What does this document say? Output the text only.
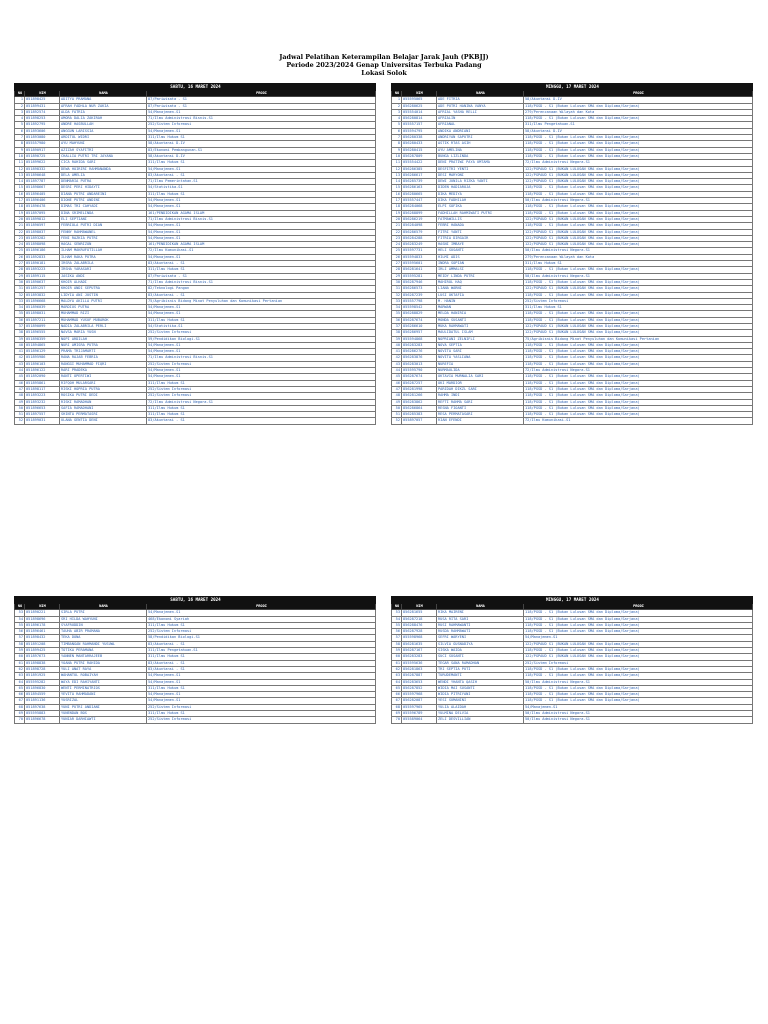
Jadwal Pelatihan Keterampilan Belajar Jarak Jauh (PKBJJ)
Periode 2023/2024 Genap Universitas Terbuka Padang
Lokasi Solok
SABTU, 16 MARET 2024			
NO	NIM	NAMA	PRODI
1	051898425	ADITYA PRAMANA	87/Pariwisata - S1
2	051899431	AFRAH FADHLA NUR ZAKIA	87/Pariwisata - S1
3	051892574	ALDA FATRIA	54/Manajemen-S1
4	051898253	AMORA DALIA ZAKIRAH	71/Ilmu Administrasi Bisnis-S1
5	051892795	ANDRE HASBULLAH	252/Sistem Informasi
6	051893606	ANGGUN LARISSIA	54/Manajemen-S1
7	051893080	ARDITUL WIDRI	311/Ilmu Hukum S1
8	055557980	AYU MAHYUNI	58/Akuntansi D-IV
9	051890917	AZIZAH SYAFITRI	83/Ekonomi Pembangunan-S1
10	051890725	CHALLIA PUTRI TRI JAYANA	58/Akuntansi D-IV
11	051899622	CICA RAHIDA SARI	311/Ilmu Hukum S1
12	051898332	DEWA HOIRIRI RAHMANANDA	54/Manajemen-S1
13	051890648	DELA AMELIA	83/Akuntansi - S1
14	051897787	DENMARIA PUTRA	71/Ilmu Pemerintahan-S1
15	051898667	DESRI PERI HIDAYTI	54/Statistika-S1
16	051896405	DIANA PUTRI ANDAREINI	311/Ilmu Hukum S1
17	051896406	DIONE PUTRI ANDINI	54/Manajemen-S1
18	051896478	DIMAS TRI CAHYADI	54/Manajemen-S1
19	051897095	DINA SRIMELINDA	161/PENDIDIKAN AGAMA ISLAM
20	051899812	ELI SEPTIANI	71/Ilmu Administrasi Bisnis-S1
21	051890597	FEBRIOLA PUTRI DIAN	54/Manajemen-S1
22	051898037	FENNY RAHMAWANEL	54/Manajemen-S1
23	051893282	FENI RAZKIA PUTRI	54/Manajemen-S1
24	051898098	HAGAL SENRIZON	161/PENDIDIKAN AGAMA ISLAM
25	051896186	ILHAM MAKRUFOTILLAH	72/Ilmu Komunikasi-S1
26	051892833	ILHAM RAKA PUTRA	54/Manajemen-S1
27	051890181	IRSRA ZALABRILA	83/Akuntansi - S1
28	051893223	IRSHA YARASARI	311/Ilmu Hukum S1
29	051899115	JASIKA ANDI	87/Pariwisata - S1
30	051890637	KHOIR ALHADI	71/Ilmu Administrasi Bisnis-S1
31	051891257	KHOIR ANDI SEPUTRA	82/Teknologi Pangan
32	051893832	LIDYIA ANI JUSTIN	83/Akuntansi - S1
33	051896668	MALDYA AKILLA PUTRI	75/Agribisnis Bidang Minat Penyuluhan dan Komunikasi Pertanian
34	051896039	MARDIUS PUTRA	54/Manajemen-S1
35	051898031	MUHAMMAD RIZI	54/Manajemen-S1
36	051897211	MUHAMMAD YUSUF MUBAROK	311/Ilmu Hukum S1
37	051890099	NADIA ZALABRILA PERLI	54/Statistika-S1
38	051896555	NAVSA MARIA YUSN	252/Sistem Informasi
39	051898359	NOPI ARDILAH	59/Pendidikan Biologi-S1
40	051894865	NURI AMISRA PUTRA	54/Manajemen-S1
41	051896129	PRAMA TRIJAMARTI	54/Manajemen-S1
42	051895986	RANA RAJAB FEBRIA	71/Ilmu Administrasi Bisnis-S1
43	051896103	RANGGI MUHAMMAD FIQRI	252/Sistem Informasi
44	051896122	RARI PRADEKA	54/Manajemen-S1
45	051892090	RANTI OPERTIWI	54/Manajemen-S1
46	051895861	RIFQOH MULARSARI	311/Ilmu Hukum S1
47	051898117	RISKI HOPRIA PUTRA	252/Sistem Informasi
48	051893223	ROSIKA PUTRI DEDI	252/Sistem Informasi
49	051893232	RISKI RAMADHAN	72/Ilmu Administrasi Negara-S1
50	051896653	SAFIA RAMADHANI	311/Ilmu Hukum S1
51	051897557	SHINTA PERMATASRI	311/Ilmu Hukum S1
52	051899031	ULANA GENTIA DENI	83/Akuntansi - S1
MINGGU, 17 MARET 2024			
NO	NIM	NAMA	PRODI
1	055595065	ADE FITRIA	58/Akuntansi D-IV
2	856280625	ADE PUTRI HANINA VANYA	118/PGSD - S1 (Bukan Lulusan SMA dan Diploma/Sarjana)
3	055554014	AFRIAL YASHA RELLI	279/Perencanaan Wilayah dan Kota
4	856280814	AFRIALIN	118/PGSD - S1 (Bukan Lulusan SMA dan Diploma/Sarjana)
5	055557157	AFRIANAL	311/Ilmu Pengetahuan-S1
6	055594795	ANDIKA ANDRIANI	58/Akuntansi D-IV
7	856280338	ANDRIYAN SAPUTRI	118/PGSD - S1 (Bukan Lulusan SMA dan Diploma/Sarjana)
8	856280433	ASTIK RTAS ASIH	118/PGSD - S1 (Bukan Lulusan SMA dan Diploma/Sarjana)
9	856280415	AYU AMELINA	118/PGSD - S1 (Bukan Lulusan SMA dan Diploma/Sarjana)
10	856287809	BUNGA LIZLINDA	118/PGSD - S1 (Bukan Lulusan SMA dan Diploma/Sarjana)
11	055554422	DENI PRATIWI PAYA UMTAMA	72/Ilmu Administrasi Negara-S1
12	856286385	DESFITRI YENTI	122/PGPAUD S1 (BUKAN LULUSAN SMA dan Diploma/Sarjana)
13	856286617	DESI MARYONI	122/PGPAUD S1 (BUKAN LULUSAN SMA dan Diploma/Sarjana)
14	856285739	DEWI JUNILA RIZKA YANTI	122/PGPAUD S1 (BUKAN LULUSAN SMA dan Diploma/Sarjana)
15	856286163	DIDEN HADIAROJA	118/PGSD - S1 (Bukan Lulusan SMA dan Diploma/Sarjana)
16	856280665	DIKA MEDIYA	118/PGSD - S1 (Bukan Lulusan SMA dan Diploma/Sarjana)
17	055557447	DIKA FADHILAH	50/Ilmu Administrasi Negara-S1
18	856284068	ELPI SOFIKA	118/PGSD - S1 (Bukan Lulusan SMA dan Diploma/Sarjana)
19	856288899	FADHILLAH RAHMIWATI PUTRI	118/PGSD - S1 (Bukan Lulusan SMA dan Diploma/Sarjana)
20	856286219	FATMAWILLIS	122/PGPAUD S1 (BUKAN LULUSAN SMA dan Diploma/Sarjana)
21	856284098	FEBRI HANADA	118/PGSD - S1 (Bukan Lulusan SMA dan Diploma/Sarjana)
22	856286579	FITRI YANTI	122/PGPAUD S1 (BUKAN LULUSAN SMA dan Diploma/Sarjana)
23	856284288	FITRIA DIRGAIR	122/PGPAUD S1 (BUKAN LULUSAN SMA dan Diploma/Sarjana)
24	856283249	HASNI IMBAYE	122/PGPAUD S1 (BUKAN LULUSAN SMA dan Diploma/Sarjana)
25	055597731	HELI SUSANTI	50/Ilmu Administrasi Negara-S1
26	055594833	HILMI ADIS	279/Perencanaan Wilayah dan Kota
27	055595601	INDRA SOPIAN	311/Ilmu Hukum S1
28	856281641	IRLI AMMALSI	118/PGSD - S1 (Bukan Lulusan SMA dan Diploma/Sarjana)
29	055595281	MEIDY LINDA PUTRI	50/Ilmu Administrasi Negara-S1
30	856287946	MAHIROL HAQ	118/PGSD - S1 (Bukan Lulusan SMA dan Diploma/Sarjana)
31	856286573	LIANA WARNI	122/PGPAUD S1 (BUKAN LULUSAN SMA dan Diploma/Sarjana)
32	856287239	LUSI OKTAFIA	118/PGSD - S1 (Bukan Lulusan SMA dan Diploma/Sarjana)
33	055557798	M. HANIN	252/Sistem Informasi
34	055598542	MARWAN	311/Ilmu Hukum S1
35	856288829	MELDA HANIRIA	118/PGSD - S1 (Bukan Lulusan SMA dan Diploma/Sarjana)
36	856287674	MONDA SUSANTI	118/PGSD - S1 (Bukan Lulusan SMA dan Diploma/Sarjana)
37	856286610	MUKA RAHMAWATI	122/PGPAUD S1 (BUKAN LULUSAN SMA dan Diploma/Sarjana)
38	856286957	MAULIDATUL ISLAM	122/PGPAUD S1 (BUKAN LULUSAN SMA dan Diploma/Sarjana)
39	055594868	NOPRIANI ZELNIFLI	75/Agribisnis Bidang Minat Penyuluhan dan Komunikasi Pertanian
40	856283283	NOVA SEPTIA	118/PGSD - S1 (Bukan Lulusan SMA dan Diploma/Sarjana)
41	856286276	NOVITA SARI	118/PGSD - S1 (Bukan Lulusan SMA dan Diploma/Sarjana)
42	856283876	NOVITA YASLIANA	118/PGSD - S1 (Bukan Lulusan SMA dan Diploma/Sarjana)
43	856283013	NUREFIA	118/PGSD - S1 (Bukan Lulusan SMA dan Diploma/Sarjana)
44	055595790	NURMAULIDA	72/Ilmu Administrasi Negara-S1
45	856287674	OKTAVIA MURNALIA SARI	118/PGSD - S1 (Bukan Lulusan SMA dan Diploma/Sarjana)
46	856287257	OKI MARDIOR	118/PGSD - S1 (Bukan Lulusan SMA dan Diploma/Sarjana)
47	856281998	PARIDAH DIKZL SARI	118/PGSD - S1 (Bukan Lulusan SMA dan Diploma/Sarjana)
48	856281266	RAHMA INDI	118/PGSD - S1 (Bukan Lulusan SMA dan Diploma/Sarjana)
49	856283862	REFTI RAHMA SARI	118/PGSD - S1 (Bukan Lulusan SMA dan Diploma/Sarjana)
50	856286864	RESNA FIOANTI	118/PGSD - S1 (Bukan Lulusan SMA dan Diploma/Sarjana)
51	856285383	RESA PERMATASARI	118/PGSD - S1 (Bukan Lulusan SMA dan Diploma/Sarjana)
52	055897057	RIAN EFENDI	72/Ilmu Komunikasi-S1
SABTU, 16 MARET 2024			
NO	NIM	NAMA	PRODI
53	051890221	SIRLA PUTRI	54/Manajemen-S1
54	051898696	SRI HILDA WAHYUNI	468/Ekonomi Syariah
55	051896178	SYAFRUDDIN	311/Ilmu Hukum S1
56	051896461	TAUHA ABIR PRAMANA	252/Sistem Informasi
57	051898432	TEKA DONA	58/Pendidikan Biologi-S1
58	051891208	TIMBANGAN RAHMANDI YUSUWL	83/Akuntansi - S1
59	051899425	TOTIKA PERAMANA	311/Ilmu Pengetahuan-S1
60	051897673	YANNEN MANTARRAJEEB	311/Ilmu Hukum S1
61	051898838	YOANA PUTRI RAHIDA	83/Akuntansi - S1
62	051898728	YULI ANAT RAYA	83/Akuntansi - S1
63	051891925	WAHANTUL ROBAIYAH	54/Manajemen-S1
64	055595282	WAYA EDI RAHIYANTI	54/Manajemen-S1
65	051896830	WENTI PERMINATRIOS	311/Ilmu Hukum S1
66	051894559	YEVITA RAHMADANI	54/Manajemen-S1
67	051891136	YUSRIZAL	54/Manajemen-S1
68	051897638	YUNI PUTRI ANDIANI	252/Sistem Informasi
69	055595883	YUNENDAN BOS	311/Ilmu Hukum S1
70	051896678	YUNIAR DARHIAWTI	252/Sistem Informasi
MINGGU, 17 MARET 2024			
NO	NIM	NAMA	PRODI
53	856281655	RIKA MAIRENI	118/PGSD - S1 (Bukan Lulusan SMA dan Diploma/Sarjana)
54	856287218	RUSA RITA SARI	118/PGSD - S1 (Bukan Lulusan SMA dan Diploma/Sarjana)
55	856288476	RUSI RAHMAWANTI	118/PGSD - S1 (Bukan Lulusan SMA dan Diploma/Sarjana)
56	856287928	RUSDA RAHMAWATI	118/PGSD - S1 (Bukan Lulusan SMA dan Diploma/Sarjana)
57	055598968	SEFRI WARYENI	54/Manajemen-S1
58	856281635	SILVIA GUSNADIYA	122/PGPAUD S1 (BUKAN LULUSAN SMA dan Diploma/Sarjana)
59	856287167	SISKA WAIDA	118/PGSD - S1 (Bukan Lulusan SMA dan Diploma/Sarjana)
60	856283283	SUCI SUSANTI	122/PGPAUD S1 (BUKAN LULUSAN SMA dan Diploma/Sarjana)
61	055595636	TEGAR SANA RAMADHAN	252/Sistem Informasi
62	856281863	TRI SEPTIA PUTI	118/PGSD - S1 (Bukan Lulusan SMA dan Diploma/Sarjana)
63	856287887	TURUDEMANTI	118/PGSD - S1 (Bukan Lulusan SMA dan Diploma/Sarjana)
64	856283653	WENDI YHANTA QASIH	50/Ilmu Administrasi Negara-S1
65	856287852	WIDIA MAI SUSANTI	118/PGSD - S1 (Bukan Lulusan SMA dan Diploma/Sarjana)
66	055597968	WIDIA PITRIYANI	118/PGSD - S1 (Bukan Lulusan SMA dan Diploma/Sarjana)
67	856282087	YESI SUMANINI	118/PGSD - S1 (Bukan Lulusan SMA dan Diploma/Sarjana)
68	055597965	YULIA ALAIDAH	54/Manajemen-S1
69	055596789	YULMINA DELVIA	50/Ilmu Administrasi Negara-S1
70	055589064	ZELI DESVILLIAN	50/Ilmu Administrasi Negara-S1
